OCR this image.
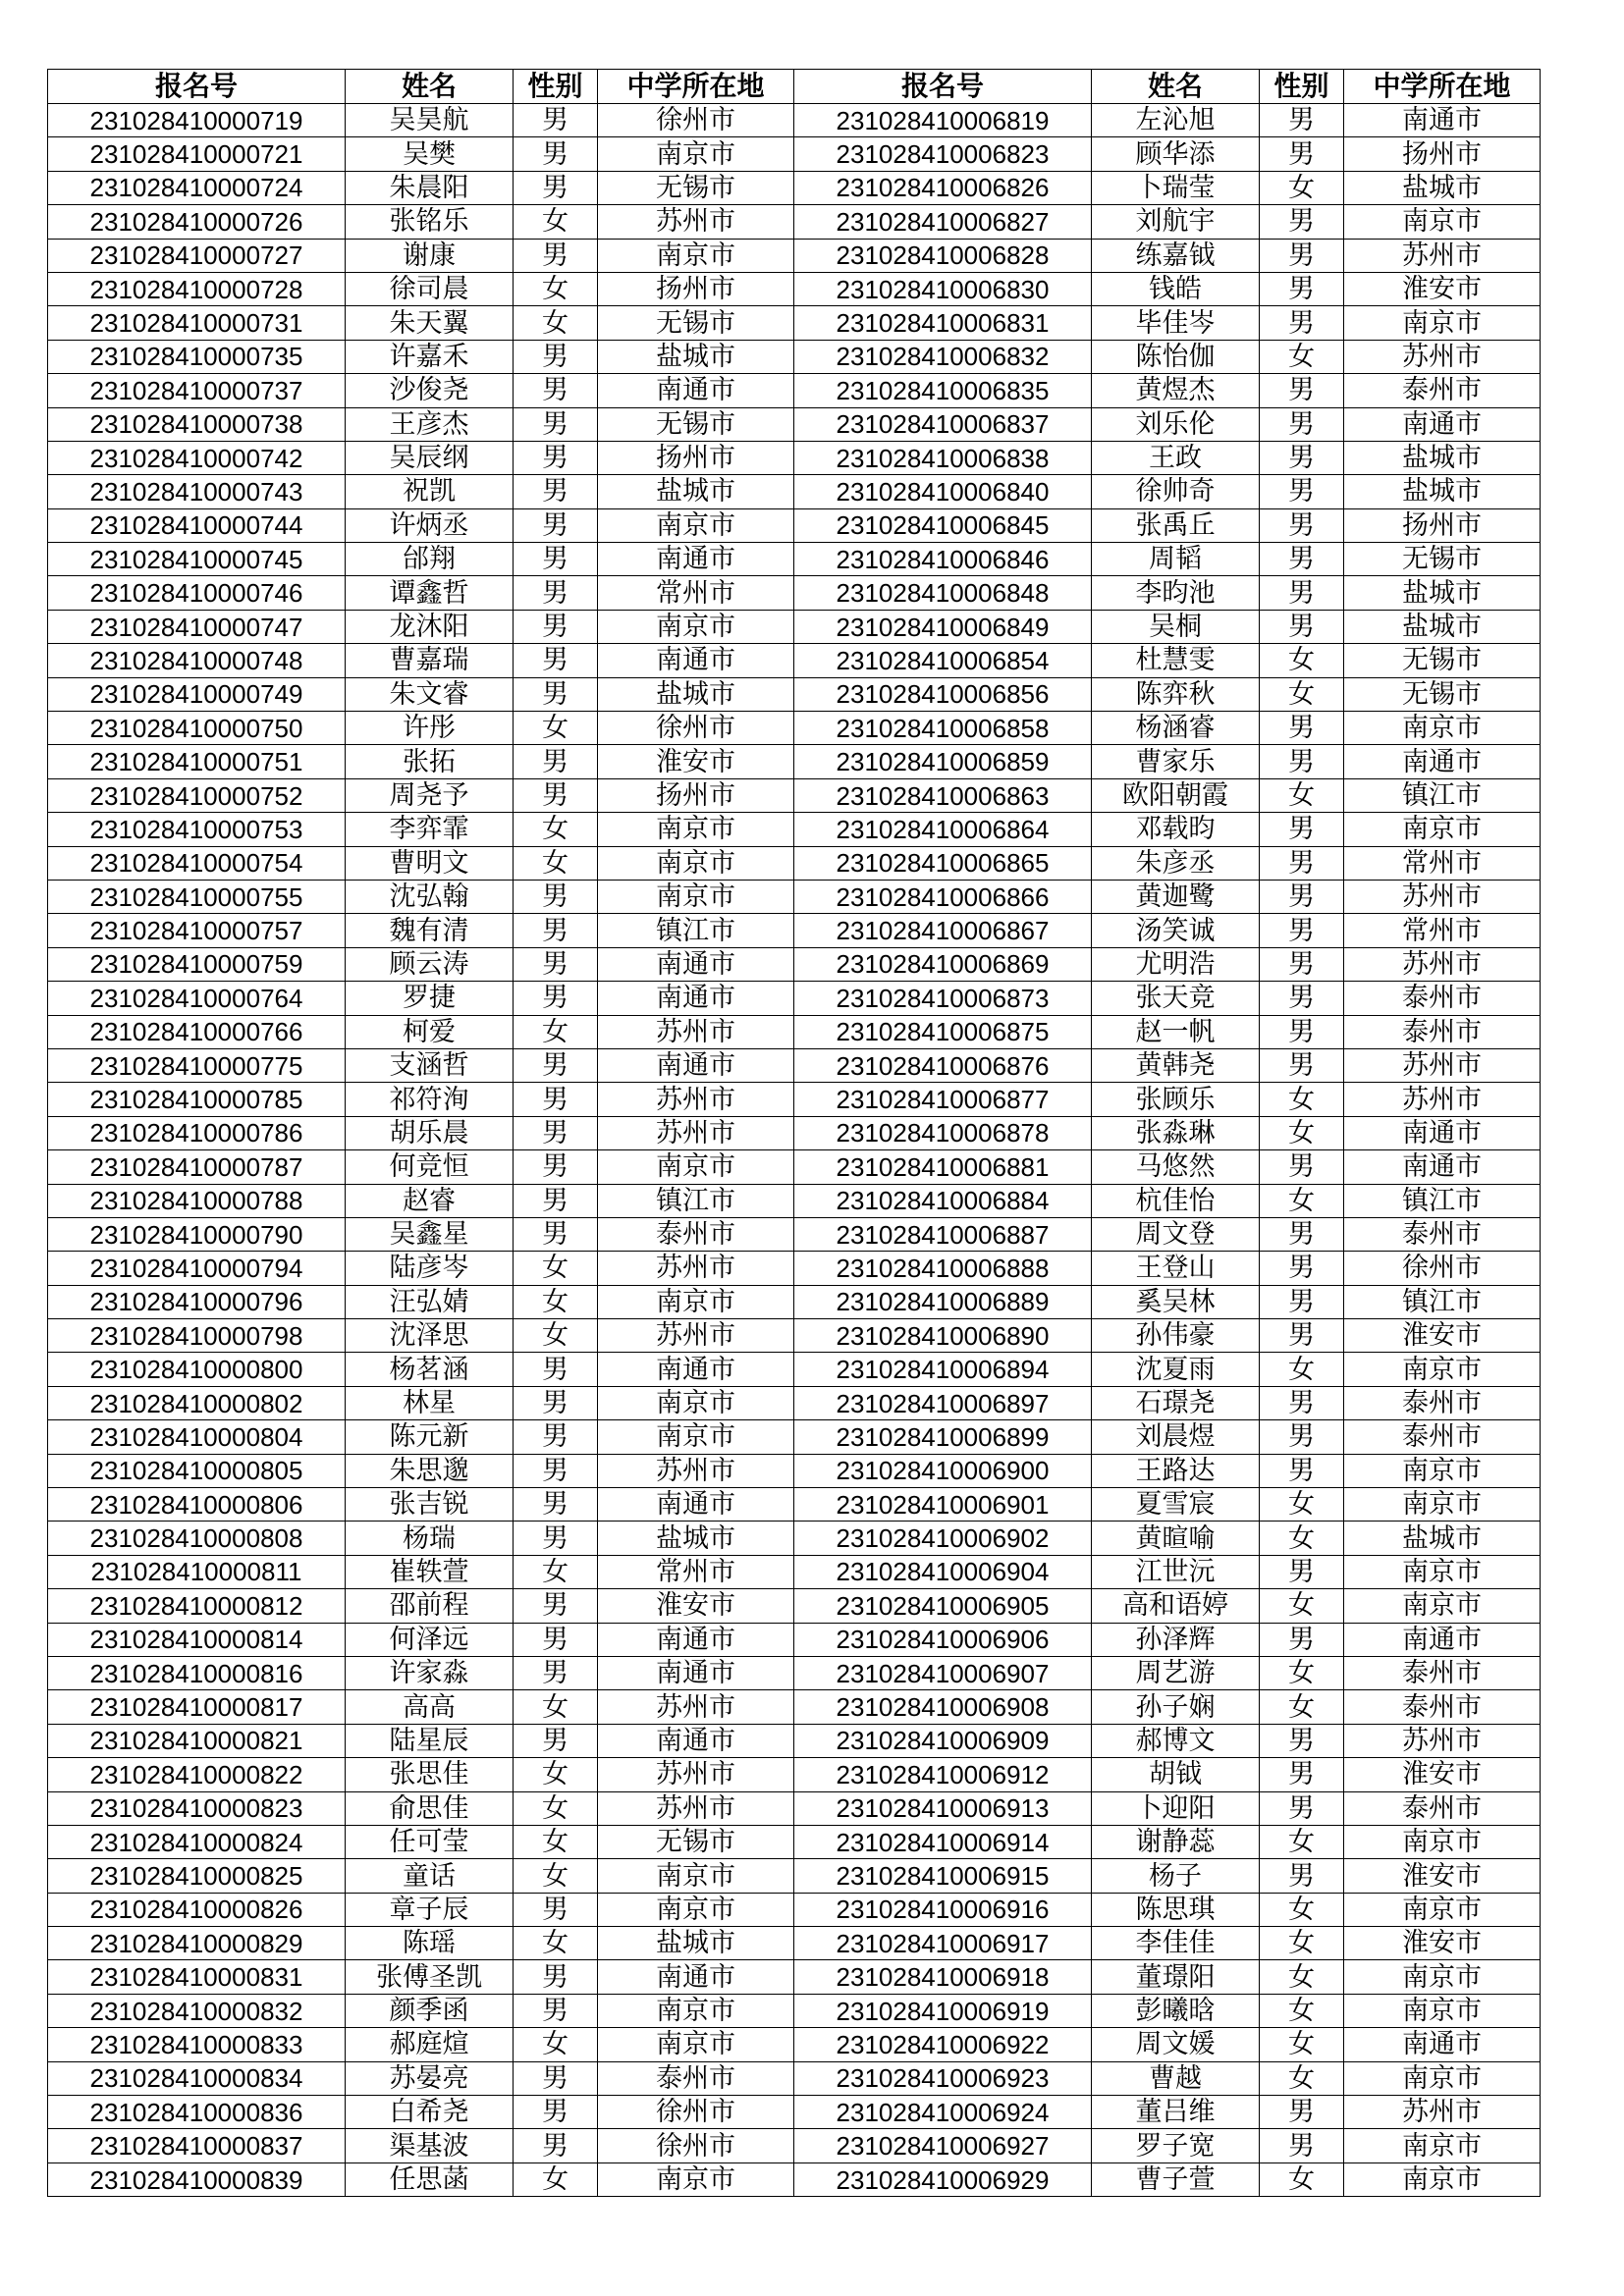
报名号	姓名	性别	中学所在地	报名号	姓名	性别	中学所在地
231028410000719	吴昊航	男	徐州市	231028410006819	左沁旭	男	南通市
231028410000721	吴樊	男	南京市	231028410006823	顾华添	男	扬州市
231028410000724	朱晨阳	男	无锡市	231028410006826	卜瑞莹	女	盐城市
231028410000726	张铭乐	女	苏州市	231028410006827	刘航宇	男	南京市
231028410000727	谢康	男	南京市	231028410006828	练嘉钺	男	苏州市
231028410000728	徐司晨	女	扬州市	231028410006830	钱皓	男	淮安市
231028410000731	朱天翼	女	无锡市	231028410006831	毕佳岑	男	南京市
231028410000735	许嘉禾	男	盐城市	231028410006832	陈怡伽	女	苏州市
231028410000737	沙俊尧	男	南通市	231028410006835	黄煜杰	男	泰州市
231028410000738	王彦杰	男	无锡市	231028410006837	刘乐伦	男	南通市
231028410000742	吴辰纲	男	扬州市	231028410006838	王政	男	盐城市
231028410000743	祝凯	男	盐城市	231028410006840	徐帅奇	男	盐城市
231028410000744	许炳丞	男	南京市	231028410006845	张禹丘	男	扬州市
231028410000745	邰翔	男	南通市	231028410006846	周韬	男	无锡市
231028410000746	谭鑫哲	男	常州市	231028410006848	李昀池	男	盐城市
231028410000747	龙沐阳	男	南京市	231028410006849	吴桐	男	盐城市
231028410000748	曹嘉瑞	男	南通市	231028410006854	杜慧雯	女	无锡市
231028410000749	朱文睿	男	盐城市	231028410006856	陈弈秋	女	无锡市
231028410000750	许彤	女	徐州市	231028410006858	杨涵睿	男	南京市
231028410000751	张拓	男	淮安市	231028410006859	曹家乐	男	南通市
231028410000752	周尧予	男	扬州市	231028410006863	欧阳朝霞	女	镇江市
231028410000753	李弈霏	女	南京市	231028410006864	邓载昀	男	南京市
231028410000754	曹明文	女	南京市	231028410006865	朱彦丞	男	常州市
231028410000755	沈弘翰	男	南京市	231028410006866	黄迦鹭	男	苏州市
231028410000757	魏有清	男	镇江市	231028410006867	汤笑诚	男	常州市
231028410000759	顾云涛	男	南通市	231028410006869	尤明浩	男	苏州市
231028410000764	罗捷	男	南通市	231028410006873	张天竞	男	泰州市
231028410000766	柯爱	女	苏州市	231028410006875	赵一帆	男	泰州市
231028410000775	支涵哲	男	南通市	231028410006876	黄韩尧	男	苏州市
231028410000785	祁符洵	男	苏州市	231028410006877	张顾乐	女	苏州市
231028410000786	胡乐晨	男	苏州市	231028410006878	张淼琳	女	南通市
231028410000787	何竞恒	男	南京市	231028410006881	马悠然	男	南通市
231028410000788	赵睿	男	镇江市	231028410006884	杭佳怡	女	镇江市
231028410000790	吴鑫星	男	泰州市	231028410006887	周文登	男	泰州市
231028410000794	陆彦岑	女	苏州市	231028410006888	王登山	男	徐州市
231028410000796	汪弘婧	女	南京市	231028410006889	奚吴林	男	镇江市
231028410000798	沈泽思	女	苏州市	231028410006890	孙伟豪	男	淮安市
231028410000800	杨茗涵	男	南通市	231028410006894	沈夏雨	女	南京市
231028410000802	林星	男	南京市	231028410006897	石璟尧	男	泰州市
231028410000804	陈元新	男	南京市	231028410006899	刘晨煜	男	泰州市
231028410000805	朱思邈	男	苏州市	231028410006900	王路达	男	南京市
231028410000806	张吉锐	男	南通市	231028410006901	夏雪宸	女	南京市
231028410000808	杨瑞	男	盐城市	231028410006902	黄暄喻	女	盐城市
231028410000811	崔轶萱	女	常州市	231028410006904	江世沅	男	南京市
231028410000812	邵前程	男	淮安市	231028410006905	高和语婷	女	南京市
231028410000814	何泽远	男	南通市	231028410006906	孙泽辉	男	南通市
231028410000816	许家淼	男	南通市	231028410006907	周艺游	女	泰州市
231028410000817	高高	女	苏州市	231028410006908	孙子娴	女	泰州市
231028410000821	陆星辰	男	南通市	231028410006909	郝博文	男	苏州市
231028410000822	张思佳	女	苏州市	231028410006912	胡钺	男	淮安市
231028410000823	俞思佳	女	苏州市	231028410006913	卜迎阳	男	泰州市
231028410000824	任可莹	女	无锡市	231028410006914	谢静蕊	女	南京市
231028410000825	童话	女	南京市	231028410006915	杨子	男	淮安市
231028410000826	章子辰	男	南京市	231028410006916	陈思琪	女	南京市
231028410000829	陈瑶	女	盐城市	231028410006917	李佳佳	女	淮安市
231028410000831	张傅圣凯	男	南通市	231028410006918	董璟阳	女	南京市
231028410000832	颜季函	男	南京市	231028410006919	彭曦晗	女	南京市
231028410000833	郝庭煊	女	南京市	231028410006922	周文媛	女	南通市
231028410000834	苏晏亮	男	泰州市	231028410006923	曹越	女	南京市
231028410000836	白希尧	男	徐州市	231028410006924	董吕维	男	苏州市
231028410000837	渠基波	男	徐州市	231028410006927	罗子宽	男	南京市
231028410000839	任思菡	女	南京市	231028410006929	曹子萱	女	南京市
